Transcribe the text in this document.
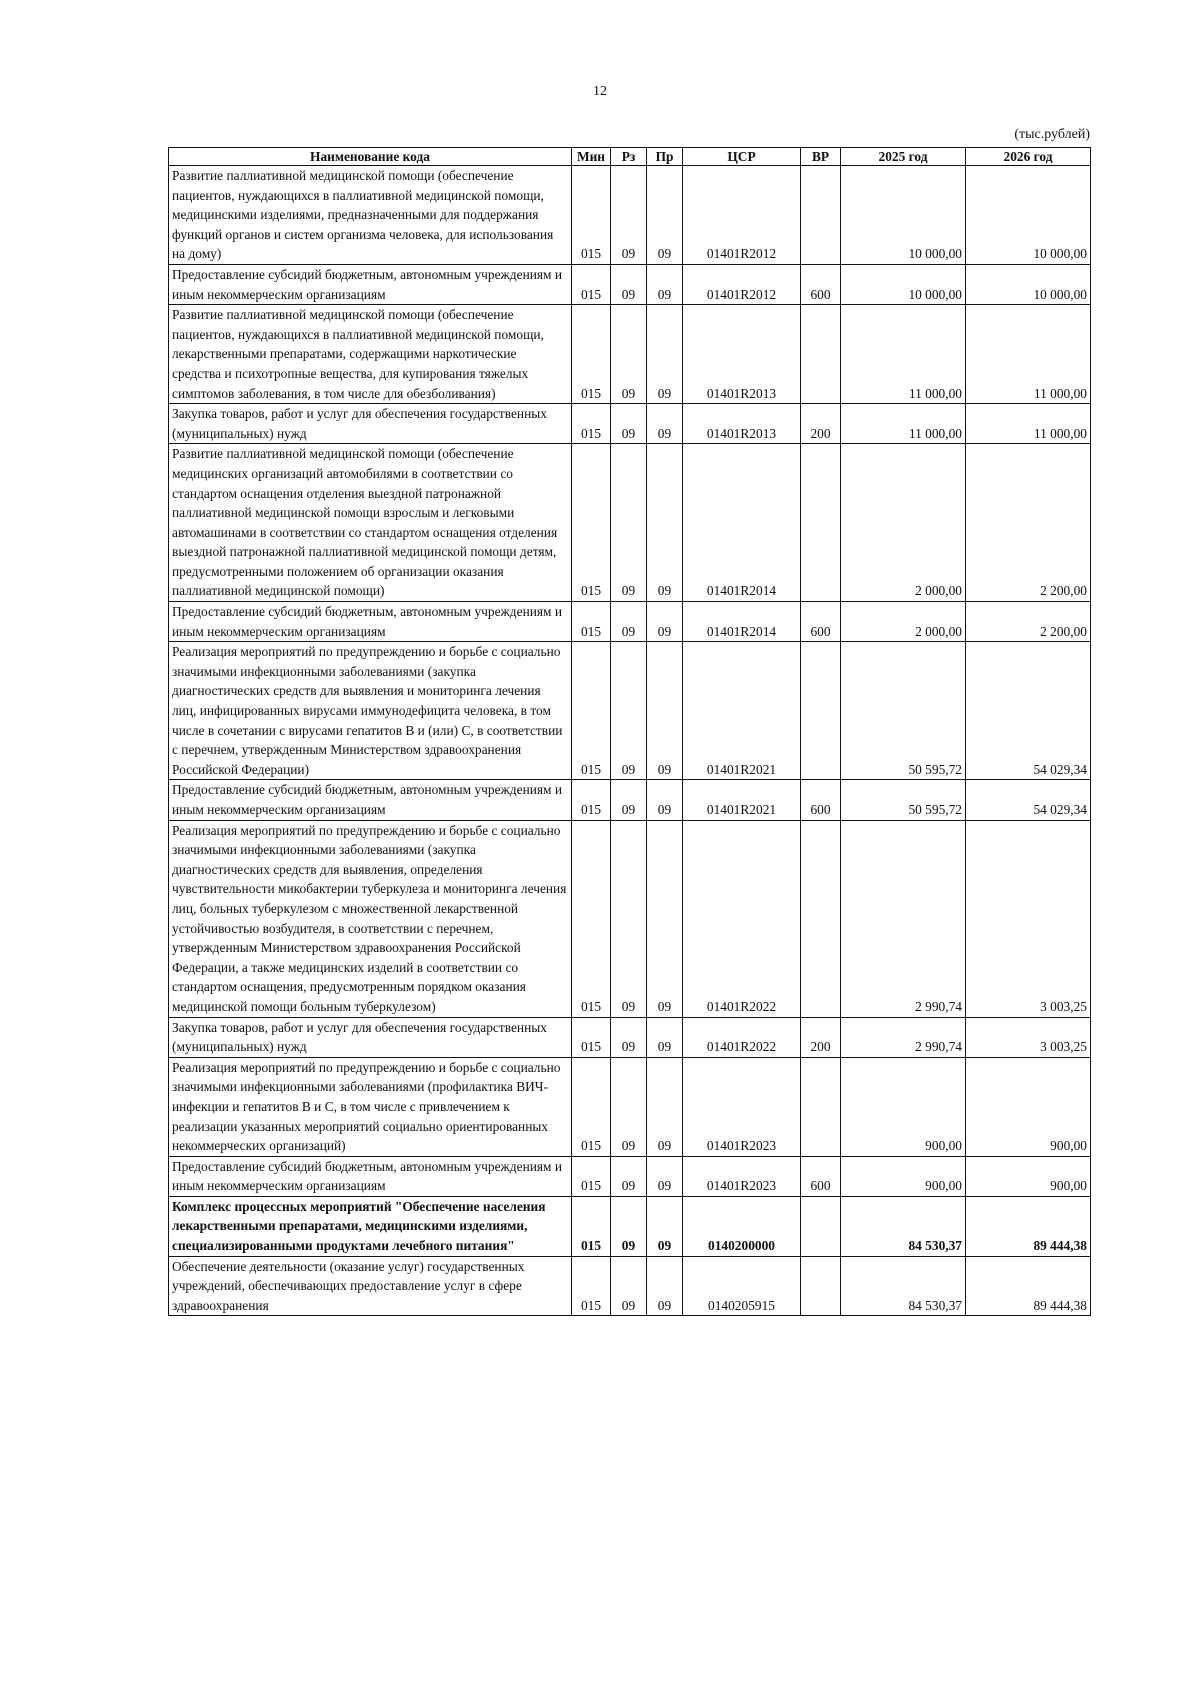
12
(тыс.рублей)
Наименование кода	Мин	Рз	Пр	ЦСР	ВР	2025 год	2026 год
Развитие паллиативной медицинской помощи (обеспечение пациентов, нуждающихся в паллиативной медицинской помощи, медицинскими изделиями, предназначенными для поддержания функций органов и систем организма человека, для использования на дому)	015	09	09	01401R2012		10 000,00	10 000,00
Предоставление субсидий бюджетным, автономным учреждениям и иным некоммерческим организациям	015	09	09	01401R2012	600	10 000,00	10 000,00
Развитие паллиативной медицинской помощи (обеспечение пациентов, нуждающихся в паллиативной медицинской помощи, лекарственными препаратами, содержащими наркотические средства и психотропные вещества, для купирования тяжелых симптомов заболевания, в том числе для обезболивания)	015	09	09	01401R2013		11 000,00	11 000,00
Закупка товаров, работ и услуг для обеспечения государственных (муниципальных) нужд	015	09	09	01401R2013	200	11 000,00	11 000,00
Развитие паллиативной медицинской помощи (обеспечение медицинских организаций автомобилями в соответствии со стандартом оснащения отделения выездной патронажной паллиативной медицинской помощи взрослым и легковыми автомашинами в соответствии со стандартом оснащения отделения выездной патронажной паллиативной медицинской помощи детям, предусмотренными положением об организации оказания паллиативной медицинской помощи)	015	09	09	01401R2014		2 000,00	2 200,00
Предоставление субсидий бюджетным, автономным учреждениям и иным некоммерческим организациям	015	09	09	01401R2014	600	2 000,00	2 200,00
Реализация мероприятий по предупреждению и борьбе с социально значимыми инфекционными заболеваниями (закупка диагностических средств для выявления и мониторинга лечения лиц, инфицированных вирусами иммунодефицита человека, в том числе в сочетании с вирусами гепатитов В и (или) С, в соответствии с перечнем, утвержденным Министерством здравоохранения Российской Федерации)	015	09	09	01401R2021		50 595,72	54 029,34
Предоставление субсидий бюджетным, автономным учреждениям и иным некоммерческим организациям	015	09	09	01401R2021	600	50 595,72	54 029,34
Реализация мероприятий по предупреждению и борьбе с социально значимыми инфекционными заболеваниями (закупка диагностических средств для выявления, определения чувствительности микобактерии туберкулеза и мониторинга лечения лиц, больных туберкулезом с множественной лекарственной устойчивостью возбудителя, в соответствии с перечнем, утвержденным Министерством здравоохранения Российской Федерации, а также медицинских изделий в соответствии со стандартом оснащения, предусмотренным порядком оказания медицинской помощи больным туберкулезом)	015	09	09	01401R2022		2 990,74	3 003,25
Закупка товаров, работ и услуг для обеспечения государственных (муниципальных) нужд	015	09	09	01401R2022	200	2 990,74	3 003,25
Реализация мероприятий по предупреждению и борьбе с социально значимыми инфекционными заболеваниями (профилактика ВИЧ-инфекции и гепатитов В и С, в том числе с привлечением к реализации указанных мероприятий социально ориентированных некоммерческих организаций)	015	09	09	01401R2023		900,00	900,00
Предоставление субсидий бюджетным, автономным учреждениям и иным некоммерческим организациям	015	09	09	01401R2023	600	900,00	900,00
Комплекс процессных мероприятий "Обеспечение населения лекарственными препаратами, медицинскими изделиями, специализированными продуктами лечебного питания"	015	09	09	0140200000		84 530,37	89 444,38
Обеспечение деятельности (оказание услуг) государственных учреждений, обеспечивающих предоставление услуг в сфере здравоохранения	015	09	09	0140205915		84 530,37	89 444,38
